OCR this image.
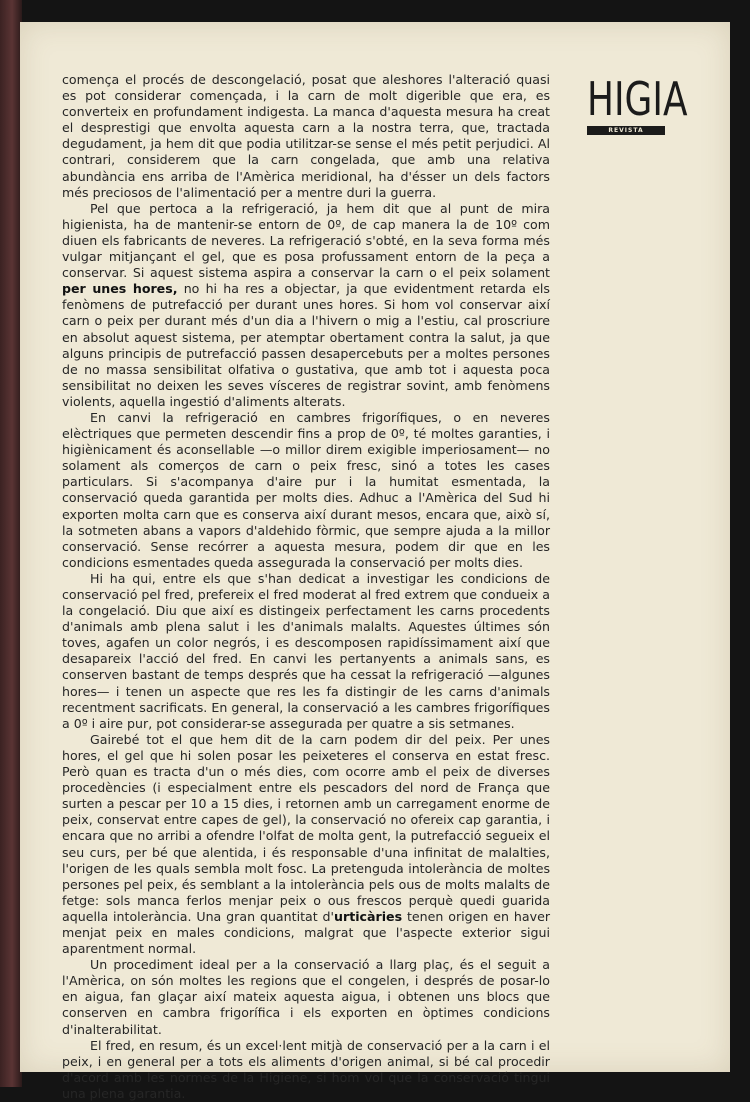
HIGIA
REVISTA D'HIGIENE

comença el procés de descongelació, posat que aleshores l'alteració quasi es pot considerar començada, i la carn de molt digerible que era, es converteix en profundament indigesta. La manca d'aquesta mesura ha creat el desprestigi que envolta aquesta carn a la nostra terra, que, tractada degudament, ja hem dit que podia utilitzar-se sense el més petit perjudici. Al contrari, considerem que la carn congelada, que amb una relativa abundància ens arriba de l'Amèrica meridional, ha d'ésser un dels factors més preciosos de l'alimentació per a mentre duri la guerra.

Pel que pertoca a la refrigeració, ja hem dit que al punt de mira higienista, ha de mantenir-se entorn de 0º, de cap manera la de 10º com diuen els fabricants de neveres. La refrigeració s'obté, en la seva forma més vulgar mitjançant el gel, que es posa profussament entorn de la peça a conservar. Si aquest sistema aspira a conservar la carn o el peix solament per unes hores, no hi ha res a objectar, ja que evidentment retarda els fenòmens de putrefacció per durant unes hores. Si hom vol conservar així carn o peix per durant més d'un dia a l'hivern o mig a l'estiu, cal proscriure en absolut aquest sistema, per atemptar obertament contra la salut, ja que alguns principis de putrefacció passen desapercebuts per a moltes persones de no massa sensibilitat olfativa o gustativa, que amb tot i aquesta poca sensibilitat no deixen les seves vísceres de registrar sovint, amb fenòmens violents, aquella ingestió d'aliments alterats.

En canvi la refrigeració en cambres frigorífiques, o en neveres elèctriques que permeten descendir fins a prop de 0º, té moltes garanties, i higiènicament és aconsellable —o millor direm exigible imperiosament— no solament als comerços de carn o peix fresc, sinó a totes les cases particulars. Si s'acompanya d'aire pur i la humitat esmentada, la conservació queda garantida per molts dies. Adhuc a l'Amèrica del Sud hi exporten molta carn que es conserva així durant mesos, encara que, això sí, la sotmeten abans a vapors d'aldehido fòrmic, que sempre ajuda a la millor conservació. Sense recórrer a aquesta mesura, podem dir que en les condicions esmentades queda assegurada la conservació per molts dies.

Hi ha qui, entre els que s'han dedicat a investigar les condicions de conservació pel fred, prefereix el fred moderat al fred extrem que condueix a la congelació. Diu que així es distingeix perfectament les carns procedents d'animals amb plena salut i les d'animals malalts. Aquestes últimes són toves, agafen un color negrós, i es descomposen rapidíssimament així que desapareix l'acció del fred. En canvi les pertanyents a animals sans, es conserven bastant de temps després que ha cessat la refrigeració —algunes hores— i tenen un aspecte que res les fa distingir de les carns d'animals recentment sacrificats. En general, la conservació a les cambres frigorífiques a 0º i aire pur, pot considerar-se assegurada per quatre a sis setmanes.

Gairebé tot el que hem dit de la carn podem dir del peix. Per unes hores, el gel que hi solen posar les peixeteres el conserva en estat fresc. Però quan es tracta d'un o més dies, com ocorre amb el peix de diverses procedències (i especialment entre els pescadors del nord de França que surten a pescar per 10 a 15 dies, i retornen amb un carregament enorme de peix, conservat entre capes de gel), la conservació no ofereix cap garantia, i encara que no arribi a ofendre l'olfat de molta gent, la putrefacció segueix el seu curs, per bé que alentida, i és responsable d'una infinitat de malalties, l'origen de les quals sembla molt fosc. La pretenguda intolerància de moltes persones pel peix, és semblant a la intolerància pels ous de molts malalts de fetge: sols manca ferlos menjar peix o ous frescos perquè quedi guarida aquella intolerància. Una gran quantitat d'urticàries tenen origen en haver menjat peix en males condicions, malgrat que l'aspecte exterior sigui aparentment normal.

Un procediment ideal per a la conservació a llarg plaç, és el seguit a l'Amèrica, on són moltes les regions que el congelen, i després de posar-lo en aigua, fan glaçar així mateix aquesta aigua, i obtenen uns blocs que conserven en cambra frigorífica i els exporten en òptimes condicions d'inalterabilitat.

El fred, en resum, és un excel·lent mitjà de conservació per a la carn i el peix, i en general per a tots els aliments d'origen animal, si bé cal procedir d'acord amb les normes de la Higiene, si hom vol que la conservació tingui una plena garantia.
